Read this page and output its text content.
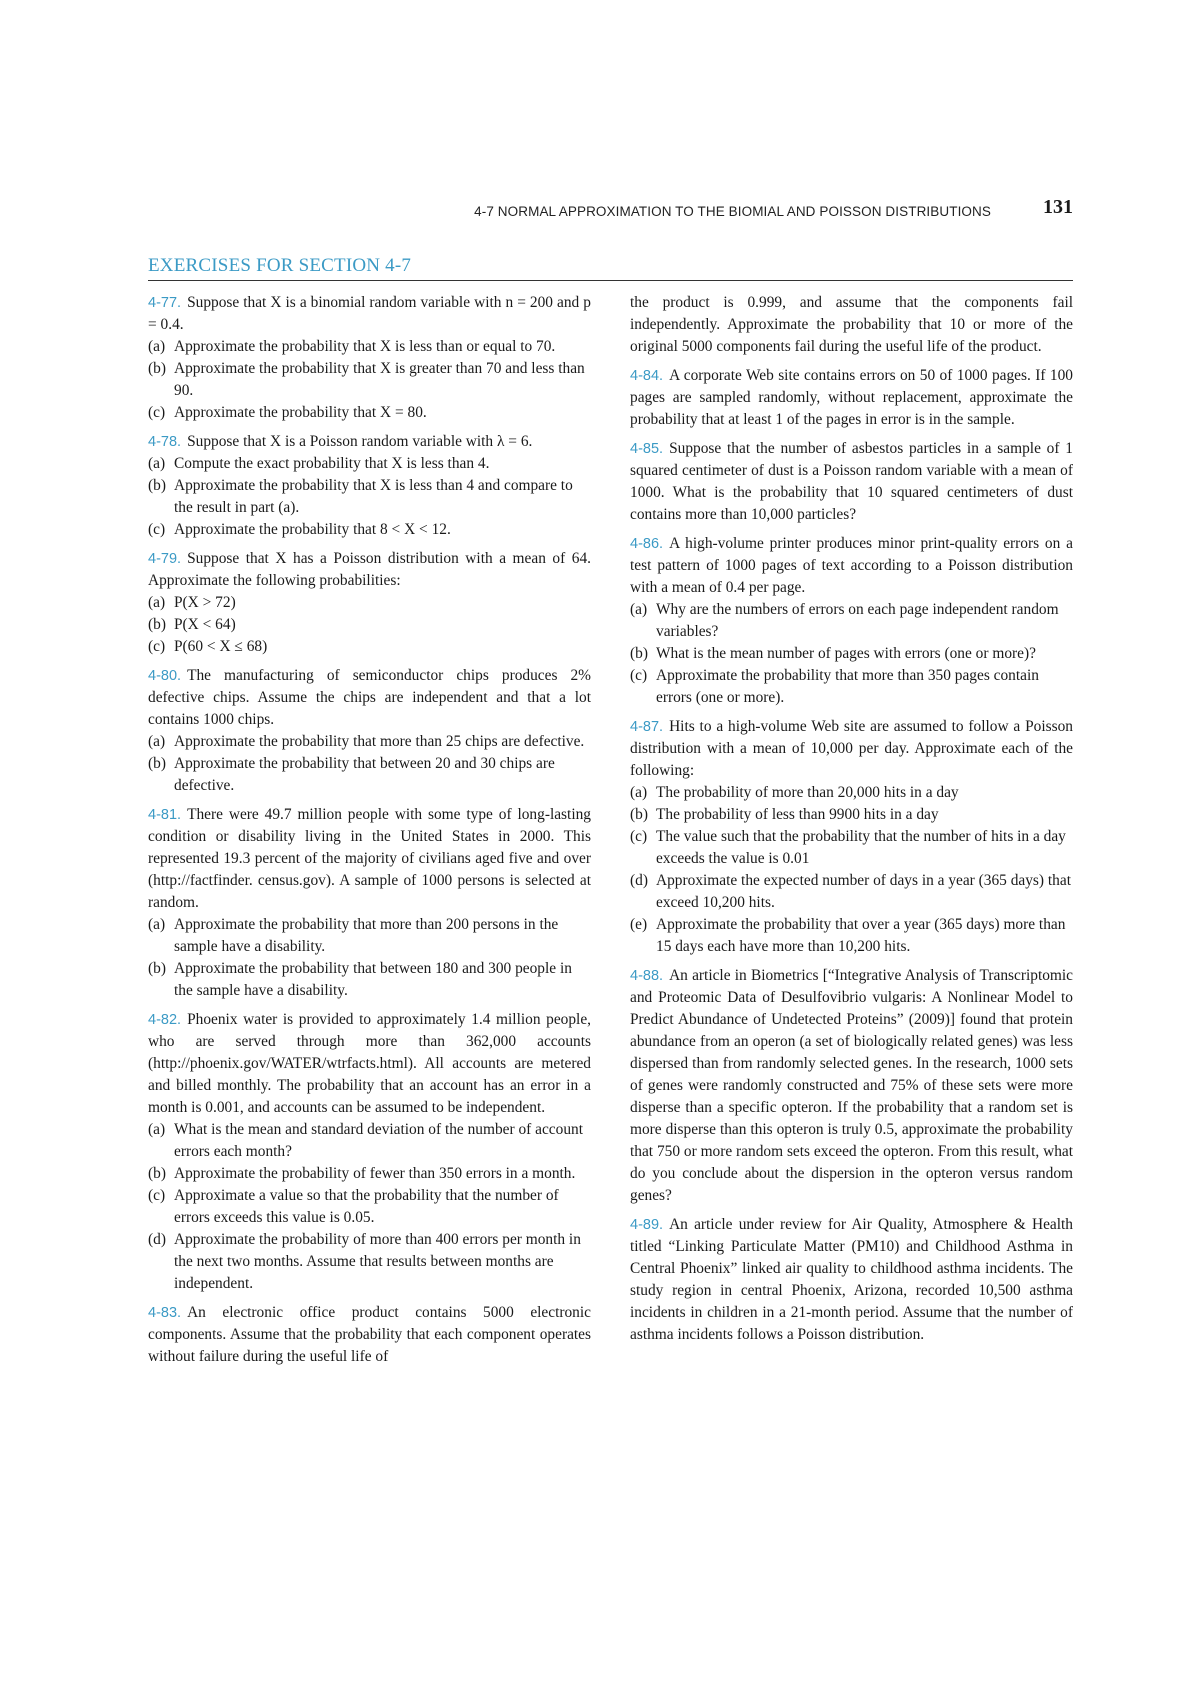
4-7 NORMAL APPROXIMATION TO THE BIOMIAL AND POISSON DISTRIBUTIONS	131
EXERCISES FOR SECTION 4-7

4-77. Suppose that X is a binomial random variable with n = 200 and p = 0.4.

(a) Approximate the probability that X is less than or equal to 70.

(b) Approximate the probability that X is greater than 70 and less than 90.

(c) Approximate the probability that X = 80.

4-78. Suppose that X is a Poisson random variable with λ = 6.

(a) Compute the exact probability that X is less than 4.

(b) Approximate the probability that X is less than 4 and compare to the result in part (a).

(c) Approximate the probability that 8 < X < 12.

4-79. Suppose that X has a Poisson distribution with a mean of 64. Approximate the following probabilities:

(a) P(X > 72)

(b) P(X < 64)

(c) P(60 < X ≤ 68)

4-80. The manufacturing of semiconductor chips produces 2% defective chips. Assume the chips are independent and that a lot contains 1000 chips.

(a) Approximate the probability that more than 25 chips are defective.

(b) Approximate the probability that between 20 and 30 chips are defective.

4-81. There were 49.7 million people with some type of long-lasting condition or disability living in the United States in 2000. This represented 19.3 percent of the majority of civilians aged five and over (http://factfinder. census.gov). A sample of 1000 persons is selected at random.

(a) Approximate the probability that more than 200 persons in the sample have a disability.

(b) Approximate the probability that between 180 and 300 people in the sample have a disability.

4-82. Phoenix water is provided to approximately 1.4 million people, who are served through more than 362,000 accounts (http://phoenix.gov/WATER/wtrfacts.html). All accounts are metered and billed monthly. The probability that an account has an error in a month is 0.001, and accounts can be assumed to be independent.

(a) What is the mean and standard deviation of the number of account errors each month?

(b) Approximate the probability of fewer than 350 errors in a month.

(c) Approximate a value so that the probability that the number of errors exceeds this value is 0.05.

(d) Approximate the probability of more than 400 errors per month in the next two months. Assume that results between months are independent.

4-83. An electronic office product contains 5000 electronic components. Assume that the probability that each component operates without failure during the useful life of

the product is 0.999, and assume that the components fail independently. Approximate the probability that 10 or more of the original 5000 components fail during the useful life of the product.

4-84. A corporate Web site contains errors on 50 of 1000 pages. If 100 pages are sampled randomly, without replacement, approximate the probability that at least 1 of the pages in error is in the sample.

4-85. Suppose that the number of asbestos particles in a sample of 1 squared centimeter of dust is a Poisson random variable with a mean of 1000. What is the probability that 10 squared centimeters of dust contains more than 10,000 particles?

4-86. A high-volume printer produces minor print-quality errors on a test pattern of 1000 pages of text according to a Poisson distribution with a mean of 0.4 per page.

(a) Why are the numbers of errors on each page independent random variables?

(b) What is the mean number of pages with errors (one or more)?

(c) Approximate the probability that more than 350 pages contain errors (one or more).

4-87. Hits to a high-volume Web site are assumed to follow a Poisson distribution with a mean of 10,000 per day. Approximate each of the following:

(a) The probability of more than 20,000 hits in a day

(b) The probability of less than 9900 hits in a day

(c) The value such that the probability that the number of hits in a day exceeds the value is 0.01

(d) Approximate the expected number of days in a year (365 days) that exceed 10,200 hits.

(e) Approximate the probability that over a year (365 days) more than 15 days each have more than 10,200 hits.

4-88. An article in Biometrics [“Integrative Analysis of Transcriptomic and Proteomic Data of Desulfovibrio vulgaris: A Nonlinear Model to Predict Abundance of Undetected Proteins” (2009)] found that protein abundance from an operon (a set of biologically related genes) was less dispersed than from randomly selected genes. In the research, 1000 sets of genes were randomly constructed and 75% of these sets were more disperse than a specific opteron. If the probability that a random set is more disperse than this opteron is truly 0.5, approximate the probability that 750 or more random sets exceed the opteron. From this result, what do you conclude about the dispersion in the opteron versus random genes?

4-89. An article under review for Air Quality, Atmosphere & Health titled “Linking Particulate Matter (PM10) and Childhood Asthma in Central Phoenix” linked air quality to childhood asthma incidents. The study region in central Phoenix, Arizona, recorded 10,500 asthma incidents in children in a 21-month period. Assume that the number of asthma incidents follows a Poisson distribution.
